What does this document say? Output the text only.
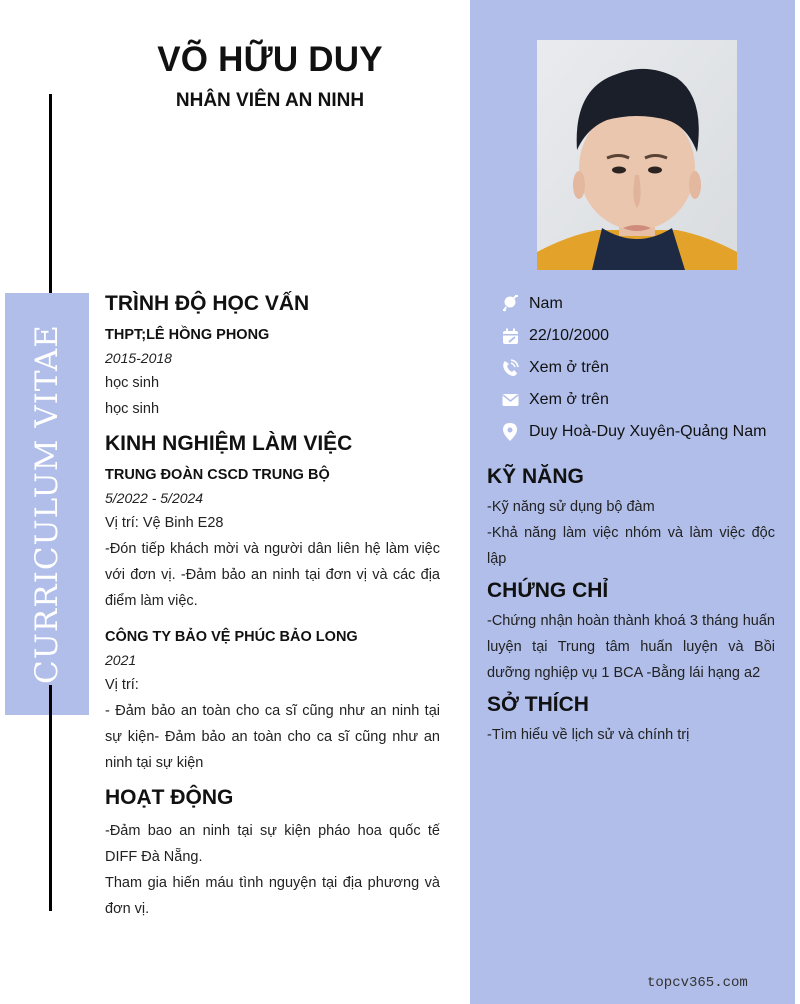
VÕ HỮU DUY
NHÂN VIÊN AN NINH
CURRICULUM VITAE
TRÌNH ĐỘ HỌC VẤN
THPT;LÊ HỒNG PHONG
2015-2018
học sinh
học sinh
KINH NGHIỆM LÀM VIỆC
TRUNG ĐOÀN CSCD TRUNG BỘ
5/2022 - 5/2024
Vị trí: Vệ Binh E28
-Đón tiếp khách mời và người dân liên hệ làm việc với đơn vị. -Đảm bảo an ninh tại đơn vị và các địa điểm làm việc.
CÔNG TY BẢO VỆ PHÚC BẢO LONG
2021
Vị trí:
- Đảm bảo an toàn cho ca sĩ cũng như an ninh tại sự kiện- Đảm bảo an toàn cho ca sĩ cũng như an ninh tại sự kiện
HOẠT ĐỘNG
-Đảm bao an ninh tại sự kiện pháo hoa quốc tế DIFF Đà Nẵng.
Tham gia hiến máu tình nguyện tại địa phương và đơn vị.
Nam
22/10/2000
Xem ở trên
Xem ở trên
Duy Hoà-Duy Xuyên-Quảng Nam
KỸ NĂNG
-Kỹ năng sử dụng bộ đàm
-Khả năng làm việc nhóm và làm việc độc lập
CHỨNG CHỈ
-Chứng nhận hoàn thành khoá 3 tháng huấn luyện tại Trung tâm huấn luyện và Bồi dưỡng nghiệp vụ 1 BCA -Bằng lái hạng a2
SỞ THÍCH
-Tìm hiểu về lịch sử và chính trị
topcv365.com
